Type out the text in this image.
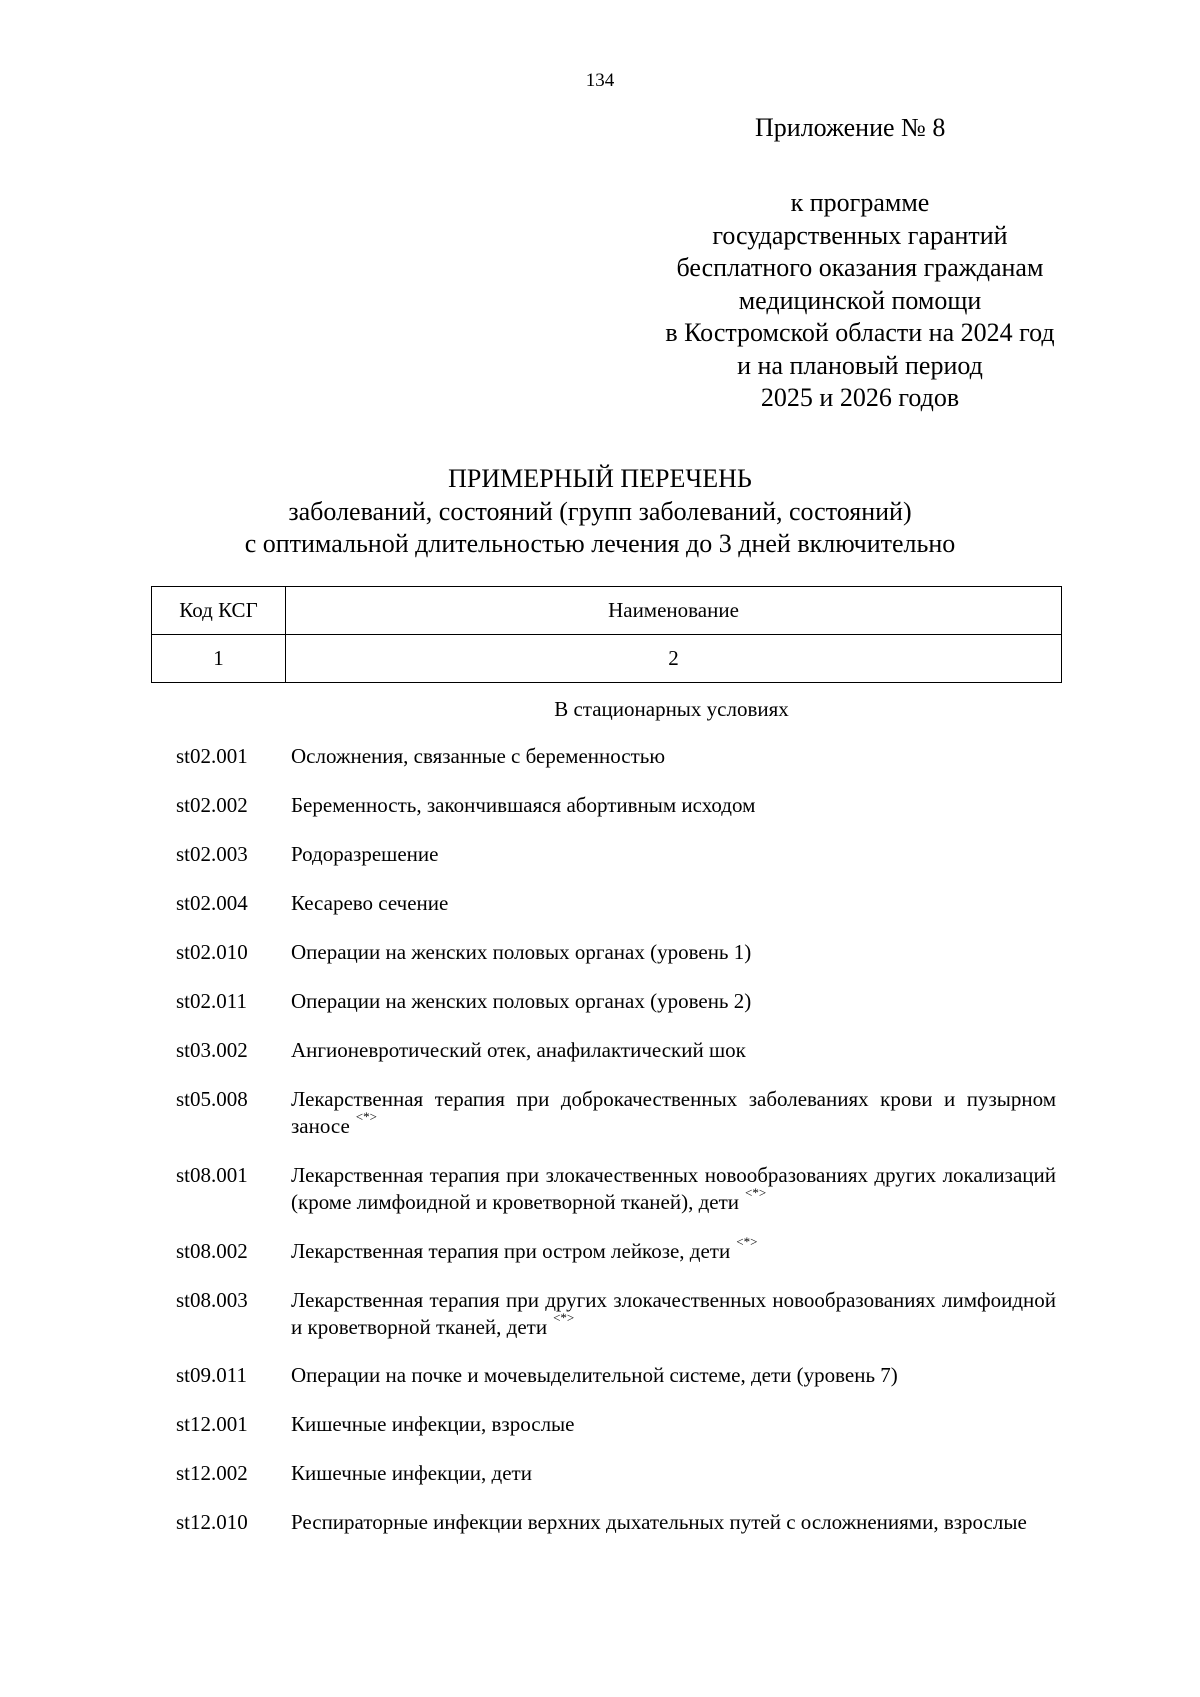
134
Приложение № 8
к программе
государственных гарантий
бесплатного оказания гражданам
медицинской помощи
в Костромской области на 2024 год
и на плановый период
2025 и 2026 годов
ПРИМЕРНЫЙ ПЕРЕЧЕНЬ
заболеваний, состояний (групп заболеваний, состояний)
с оптимальной длительностью лечения до 3 дней включительно
Код КСГ	Наименование
1	2
В стационарных условиях
st02.001 Осложнения, связанные с беременностью
st02.002 Беременность, закончившаяся абортивным исходом
st02.003 Родоразрешение
st02.004 Кесарево сечение
st02.010 Операции на женских половых органах (уровень 1)
st02.011 Операции на женских половых органах (уровень 2)
st03.002 Ангионевротический отек, анафилактический шок
st05.008 Лекарственная терапия при доброкачественных заболеваниях крови и пузырном заносе <*>
st08.001 Лекарственная терапия при злокачественных новообразованиях других локализаций (кроме лимфоидной и кроветворной тканей), дети <*>
st08.002 Лекарственная терапия при остром лейкозе, дети <*>
st08.003 Лекарственная терапия при других злокачественных новообразованиях лимфоидной и кроветворной тканей, дети <*>
st09.011 Операции на почке и мочевыделительной системе, дети (уровень 7)
st12.001 Кишечные инфекции, взрослые
st12.002 Кишечные инфекции, дети
st12.010 Респираторные инфекции верхних дыхательных путей с осложнениями, взрослые
